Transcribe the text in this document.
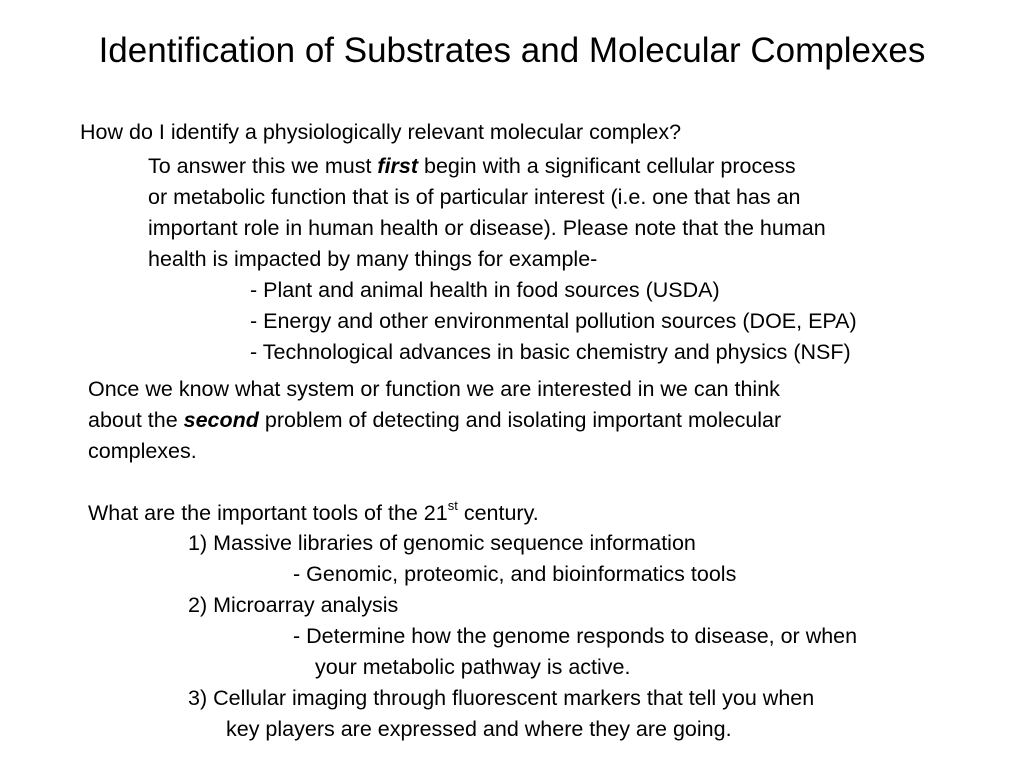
Identification of Substrates and Molecular Complexes
How do I identify a physiologically relevant molecular complex?
To answer this we must first begin with a significant cellular process
or metabolic function that is of particular interest (i.e. one that has an
important role in human health or disease). Please note that the human
health is impacted by many things for example-
- Plant and animal health in food sources (USDA)
- Energy and other environmental pollution sources (DOE, EPA)
- Technological advances in basic chemistry and physics (NSF)
Once we know what system or function we are interested in we can think
about the second problem of detecting and isolating important molecular
complexes.
What are the important tools of the 21st century.
1) Massive libraries of genomic sequence information
- Genomic, proteomic, and bioinformatics tools
2) Microarray analysis
- Determine how the genome responds to disease, or when
your metabolic pathway is active.
3) Cellular imaging through fluorescent markers that tell you when
key players are expressed and where they are going.
